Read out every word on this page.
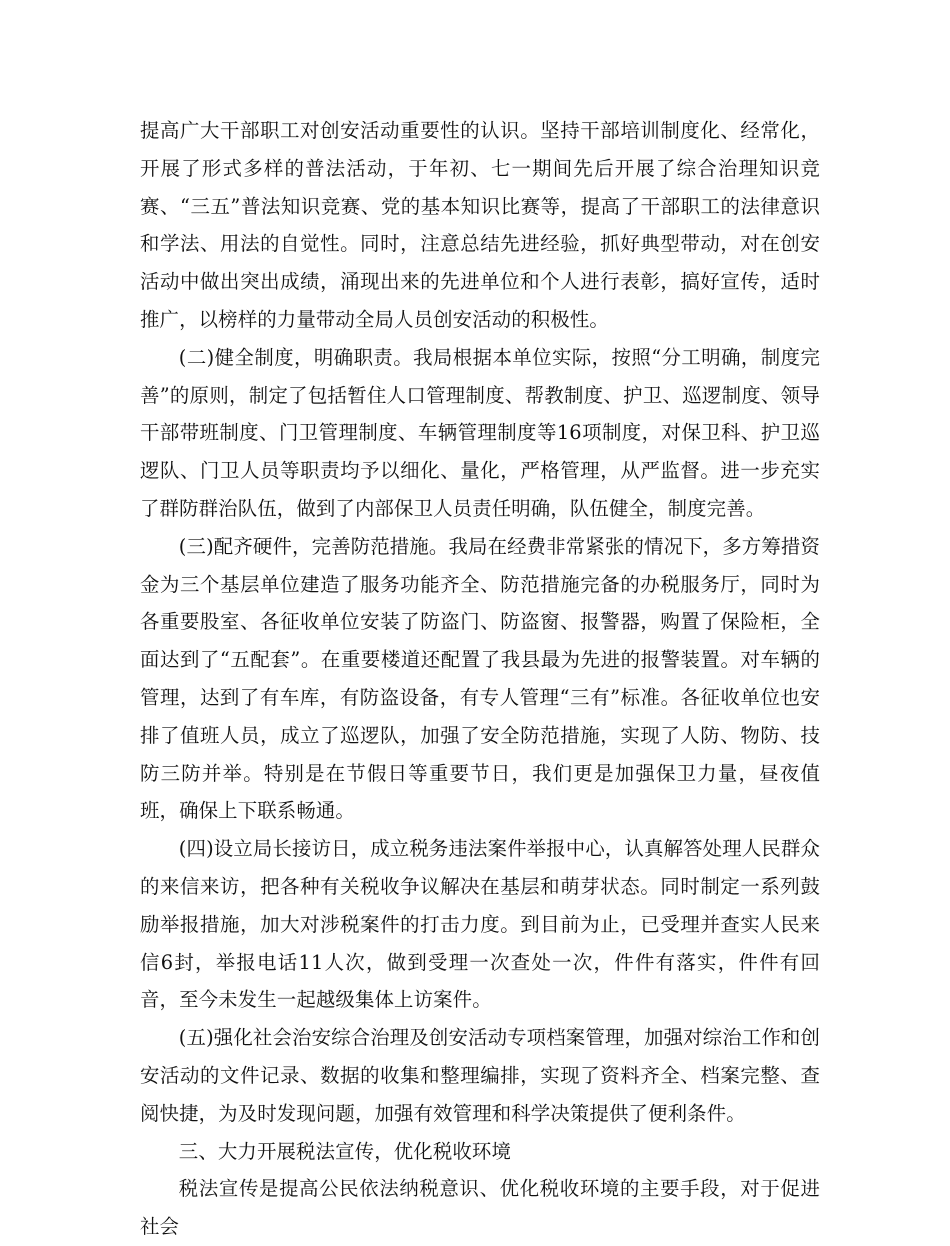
提高广大干部职工对创安活动重要性的认识。坚持干部培训制度化、经常化，开展了形式多样的普法活动，于年初、七一期间先后开展了综合治理知识竞赛、“三五”普法知识竞赛、党的基本知识比赛等，提高了干部职工的法律意识和学法、用法的自觉性。同时，注意总结先进经验，抓好典型带动，对在创安活动中做出突出成绩，涌现出来的先进单位和个人进行表彰，搞好宣传，适时推广，以榜样的力量带动全局人员创安活动的积极性。

(二)健全制度，明确职责。我局根据本单位实际，按照“分工明确，制度完善”的原则，制定了包括暂住人口管理制度、帮教制度、护卫、巡逻制度、领导干部带班制度、门卫管理制度、车辆管理制度等16项制度，对保卫科、护卫巡逻队、门卫人员等职责均予以细化、量化，严格管理，从严监督。进一步充实了群防群治队伍，做到了内部保卫人员责任明确，队伍健全，制度完善。

(三)配齐硬件，完善防范措施。我局在经费非常紧张的情况下，多方筹措资金为三个基层单位建造了服务功能齐全、防范措施完备的办税服务厅，同时为各重要股室、各征收单位安装了防盗门、防盗窗、报警器，购置了保险柜，全面达到了“五配套”。在重要楼道还配置了我县最为先进的报警装置。对车辆的管理，达到了有车库，有防盗设备，有专人管理“三有”标准。各征收单位也安排了值班人员，成立了巡逻队，加强了安全防范措施，实现了人防、物防、技防三防并举。特别是在节假日等重要节日，我们更是加强保卫力量，昼夜值班，确保上下联系畅通。

(四)设立局长接访日，成立税务违法案件举报中心，认真解答处理人民群众的来信来访，把各种有关税收争议解决在基层和萌芽状态。同时制定一系列鼓励举报措施，加大对涉税案件的打击力度。到目前为止，已受理并查实人民来信6封，举报电话11人次，做到受理一次查处一次，件件有落实，件件有回音，至今未发生一起越级集体上访案件。

(五)强化社会治安综合治理及创安活动专项档案管理，加强对综治工作和创安活动的文件记录、数据的收集和整理编排，实现了资料齐全、档案完整、查阅快捷，为及时发现问题，加强有效管理和科学决策提供了便利条件。

三、大力开展税法宣传，优化税收环境

税法宣传是提高公民依法纳税意识、优化税收环境的主要手段，对于促进社会
